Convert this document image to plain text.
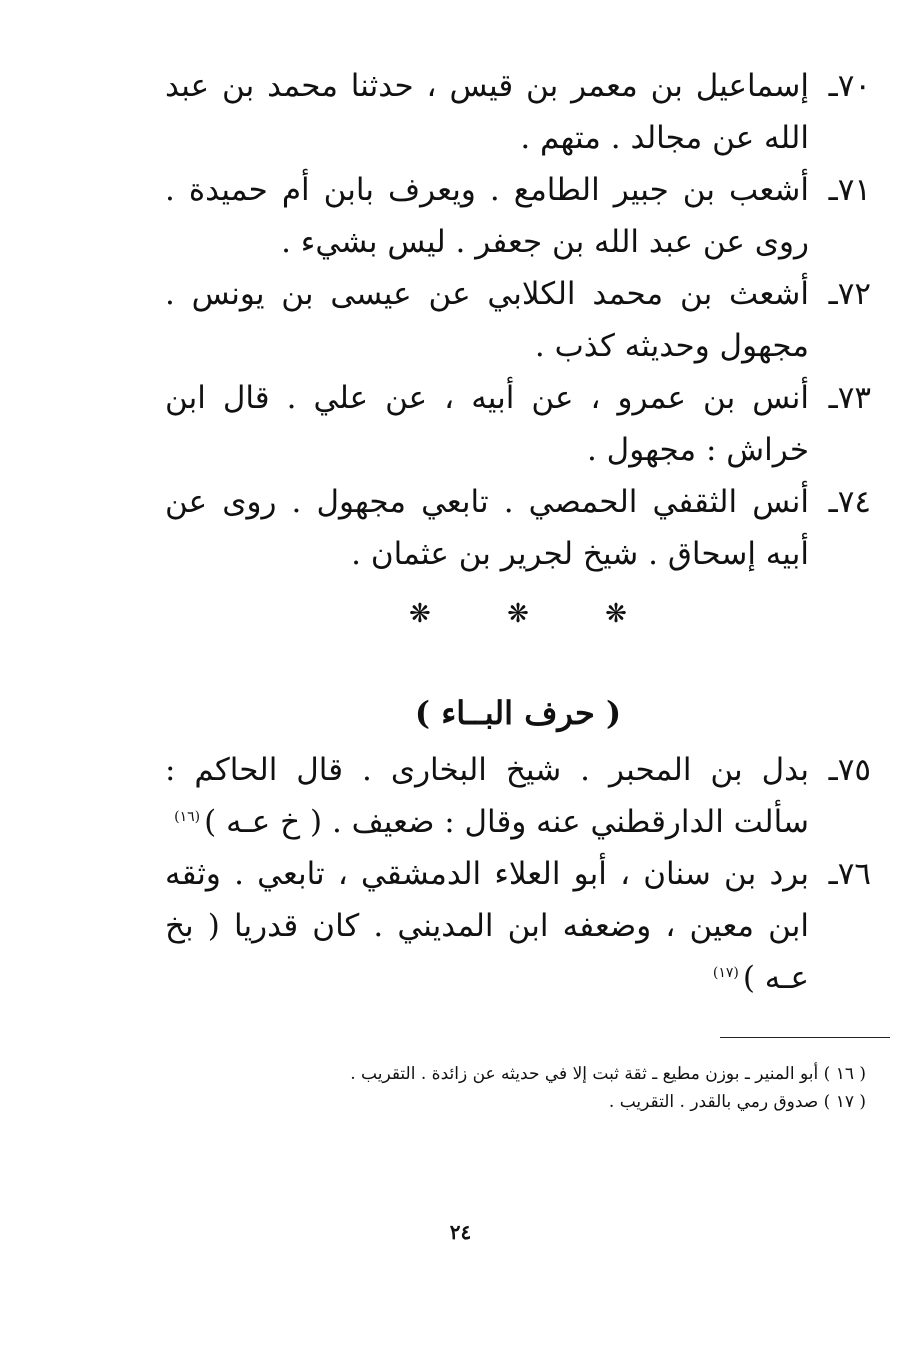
٧٠ـ
إسماعيل بن معمر بن قيس ، حدثنا محمد بن عبد الله عن مجالد . متهم .
٧١ـ
أشعب بن جبير الطامع . ويعرف بابن أم حميدة . روى عن عبد الله بن جعفر . ليس بشيء .
٧٢ـ
أشعث بن محمد الكلابي عن عيسى بن يونس . مجهول وحديثه كذب .
٧٣ـ
أنس بن عمرو ، عن أبيه ، عن علي . قال ابن خراش : مجهول .
٧٤ـ
أنس الثقفي الحمصي . تابعي مجهول . روى عن أبيه إسحاق . شيخ لجرير بن عثمان .
❋ ❋ ❋
( حرف البــاء )
٧٥ـ
بدل بن المحبر . شيخ البخارى . قال الحاكم : سألت الدارقطني عنه وقال : ضعيف . ( خ عـه )$^{(١٦)}$
٧٦ـ
برد بن سنان ، أبو العلاء الدمشقي ، تابعي . وثقه ابن معين ، وضعفه ابن المديني . كان قدريا ( بخ عـه )$^{(١٧)}$
( ١٦ ) أبو المنير ـ بوزن مطيع ـ ثقة ثبت إلا في حديثه عن زائدة . التقريب .
( ١٧ ) صدوق رمي بالقدر . التقريب .
٢٤
